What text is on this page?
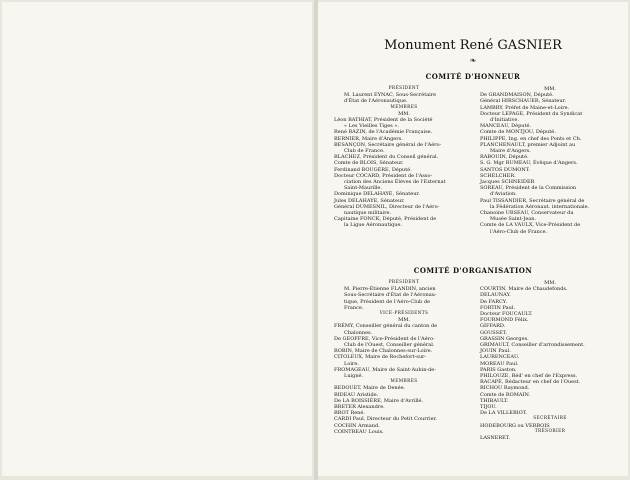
Monument René GASNIER
❧
COMITÉ D'HONNEUR
PRÉSIDENT
M. Laurent EYNAC, Sous-Secrétaire
d'État de l'Aéronautique.
MEMBRES
MM.
Léon BATHIAT, Président de la Société
« Les Vieilles Tiges ».
René BAZIN, de l'Académie Française.
BERNIER, Maire d'Angers.
BESANÇON, Secrétaire général de l'Aéro-
Club de France.
BLACHEZ, Président du Conseil général.
Comte de BLOIS, Sénateur.
Ferdinand BOUGÈRE, Député.
Docteur COCARD, Président de l'Asso-
ciation des Anciens Élèves de l'Externat
Saint-Maurille.
Dominique DELAHAYE, Sénateur.
Jules DELAHAYE, Sénateur.
Général DUMESNIL, Directeur de l'Aéro-
nautique militaire.
Capitaine FONCK, Député, Président de
la Ligue Aéronautique.
MM.
De GRANDMAISON, Député.
Général HIRSCHAUER, Sénateur.
LAMBRY, Préfet de Maine-et-Loire.
Docteur LEPAGE, Président du Syndicat
d'Initiative.
MANCEAU, Député.
Comte de MONTJOU, Député.
PHILIPPE, Ing. en chef des Ponts et Ch.
PLANCHENAULT, premier Adjoint au
Maire d'Angers.
RABOUIN, Député.
S. G. Mgr RUMEAU, Évêque d'Angers.
SANTOS DUMONT.
SCHELCHER.
Jacques SCHNEIDER
SOREAU, Président de la Commission
d'Aviation.
Paul TISSANDIER, Secrétaire général de
la Fédération Aéronaut. internationale.
Chanoine URSEAU, Conservateur du
Musée Saint-Jean.
Comte de LA VAULX, Vice-Président de
l'Aéro-Club de France.
COMITÉ D'ORGANISATION
PRÉSIDENT
M. Pierre-Étienne FLANDIN, ancien
Sous-Secrétaire d'État de l'Aéronau-
tique, Président de l'Aéro-Club de
France.
VICE-PRÉSIDENTS
MM.
FRÉMY, Conseiller général du canton de
Chalonnes.
De GEOFFRE, Vice-Président de l'Aéro-
Club de l'Ouest, Conseiller général.
ROBIN, Maire de Chalonnes-sur-Loire.
CITOLEUX, Maire de Rochefort-sur-
Loire.
FROMAGEAU, Maire de Saint-Aubin-de-
Luigné.
MEMBRES
BEDOUET, Maire de Denée.
BIDEAU Aristide.
De LA BOISSIÈRE, Maire d'Avrillé.
BRETER Alexandre.
BROT René.
CARDI Paul, Directeur du Petit Courrier.
COCHIN Armand.
COINTREAU Louis.
MM.
COURTIN, Maire de Chaudefonds.
DELAUNAY.
De FARCY.
FORTIN Paul.
Docteur FOUCAULT.
FOURMOND Félix.
GIFFARD.
GOUSSET.
GRASSIN Georges.
GRIMAULT, Conseiller d'arrondissement.
JOUIN Paul.
LAURENCEAU.
MOREAU Paul.
PARIS Gaston.
PHILOUZE, Réd' en chef de l'Express.
RACAPÉ, Rédacteur en chef de l'Ouest.
RICHOU Raymond.
Comte de ROMAIN.
THIBAULT.
TIJOU.
De LA VILLEBIOT.
SECRÉTAIRE
HODEBOURG ou VERBOIS
TRÉSORIER
LASNERET.
